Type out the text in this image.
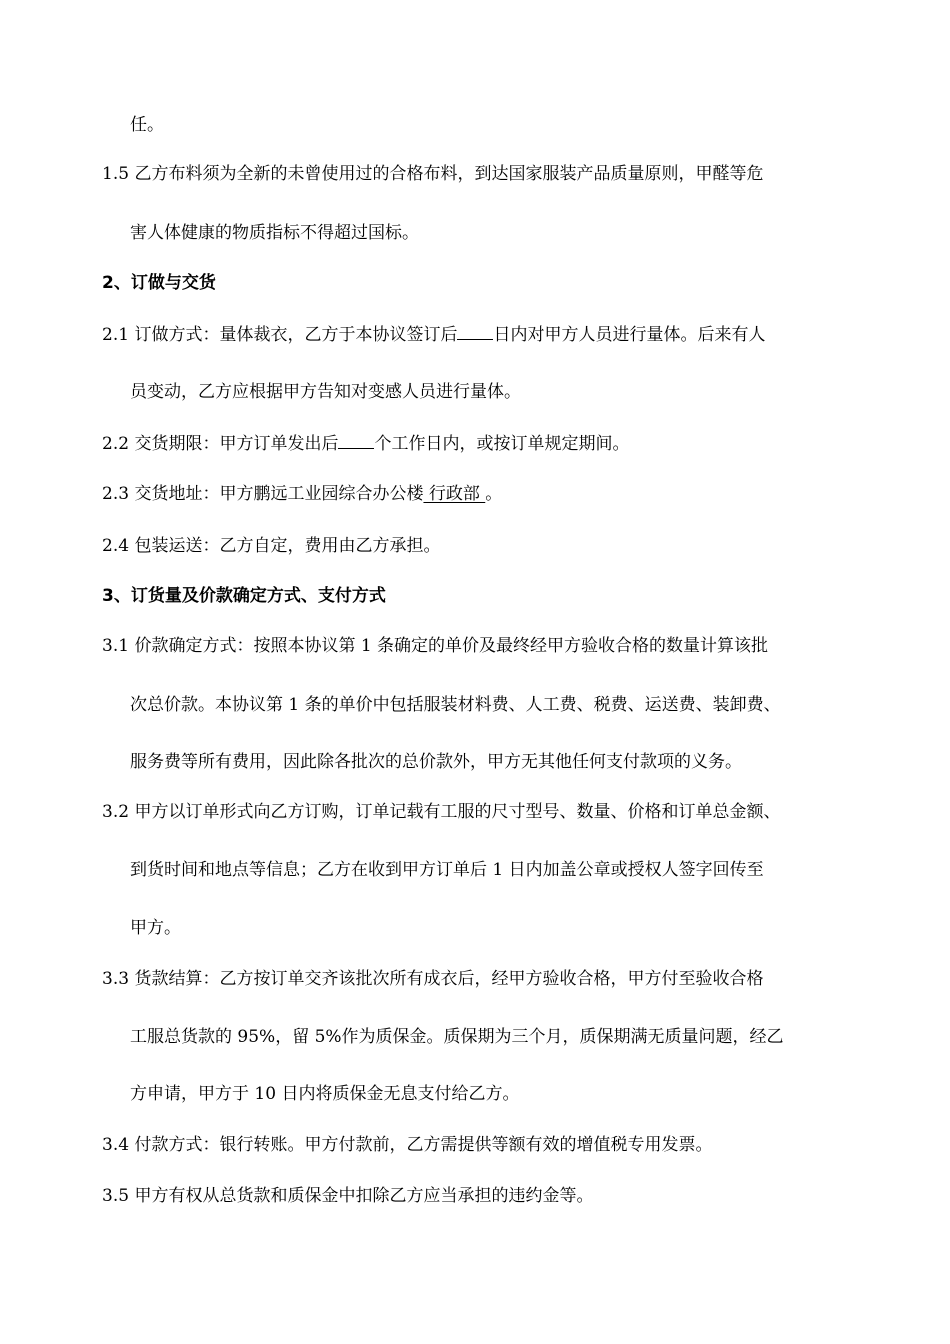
任。
1.5 乙方布料须为全新的未曾使用过的合格布料，到达国家服装产品质量原则，甲醛等危
害人体健康的物质指标不得超过国标。
2、订做与交货
2.1 订做方式：量体裁衣，乙方于本协议签订后 日内对甲方人员进行量体。后来有人
员变动，乙方应根据甲方告知对变感人员进行量体。
2.2 交货期限：甲方订单发出后 个工作日内，或按订单规定期间。
2.3 交货地址：甲方鹏远工业园综合办公楼 行政部 。
2.4 包装运送：乙方自定，费用由乙方承担。
3、订货量及价款确定方式、支付方式
3.1 价款确定方式：按照本协议第 1 条确定的单价及最终经甲方验收合格的数量计算该批
次总价款。本协议第 1 条的单价中包括服装材料费、人工费、税费、运送费、装卸费、
服务费等所有费用，因此除各批次的总价款外，甲方无其他任何支付款项的义务。
3.2 甲方以订单形式向乙方订购，订单记载有工服的尺寸型号、数量、价格和订单总金额、
到货时间和地点等信息；乙方在收到甲方订单后 1 日内加盖公章或授权人签字回传至
甲方。
3.3 货款结算：乙方按订单交齐该批次所有成衣后，经甲方验收合格，甲方付至验收合格
工服总货款的 95%，留 5%作为质保金。质保期为三个月，质保期满无质量问题，经乙
方申请，甲方于 10 日内将质保金无息支付给乙方。
3.4 付款方式：银行转账。甲方付款前，乙方需提供等额有效的增值税专用发票。
3.5 甲方有权从总货款和质保金中扣除乙方应当承担的违约金等。
